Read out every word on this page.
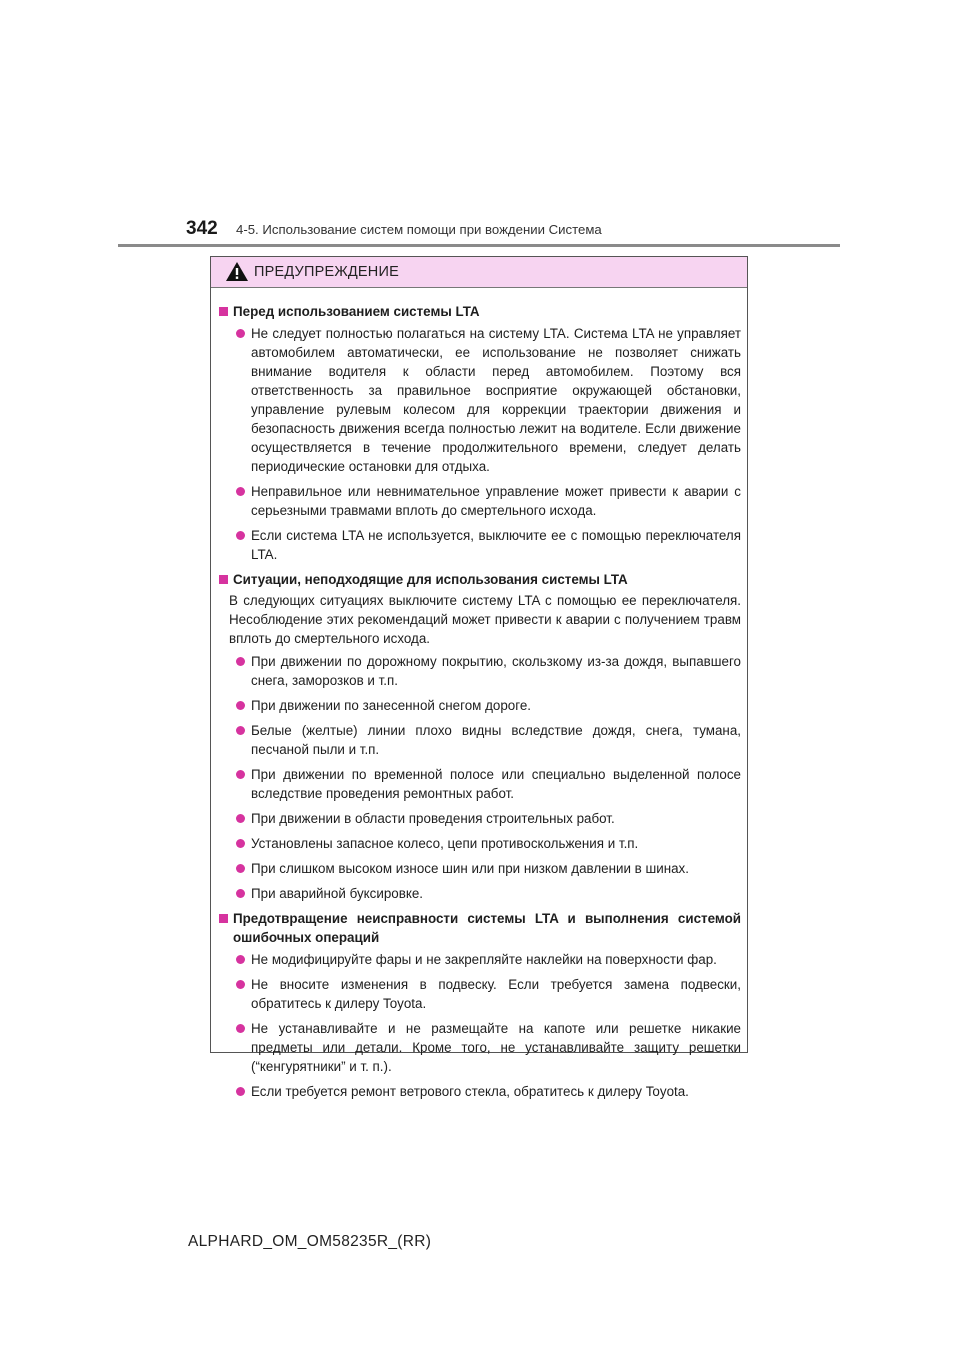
342 4-5. Использование систем помощи при вождении Система
ПРЕДУПРЕЖДЕНИЕ
Перед использованием системы LTA
Не следует полностью полагаться на систему LTA. Система LTA не управляет автомобилем автоматически, ее использование не позволяет снижать внимание водителя к области перед автомобилем. Поэтому вся ответственность за правильное восприятие окружающей обстановки, управление рулевым колесом для коррекции траектории движения и безопасность движения всегда полностью лежит на водителе. Если движение осуществляется в течение продолжительного времени, следует делать периодические остановки для отдыха.
Неправильное или невнимательное управление может привести к аварии с серьезными травмами вплоть до смертельного исхода.
Если система LTA не используется, выключите ее с помощью переключателя LTA.
Ситуации, неподходящие для использования системы LTA
В следующих ситуациях выключите систему LTA с помощью ее переключателя. Несоблюдение этих рекомендаций может привести к аварии с получением травм вплоть до смертельного исхода.
При движении по дорожному покрытию, скользкому из-за дождя, выпавшего снега, заморозков и т.п.
При движении по занесенной снегом дороге.
Белые (желтые) линии плохо видны вследствие дождя, снега, тумана, песчаной пыли и т.п.
При движении по временной полосе или специально выделенной полосе вследствие проведения ремонтных работ.
При движении в области проведения строительных работ.
Установлены запасное колесо, цепи противоскольжения и т.п.
При слишком высоком износе шин или при низком давлении в шинах.
При аварийной буксировке.
Предотвращение неисправности системы LTA и выполнения системой ошибочных операций
Не модифицируйте фары и не закрепляйте наклейки на поверхности фар.
Не вносите изменения в подвеску. Если требуется замена подвески, обратитесь к дилеру Toyota.
Не устанавливайте и не размещайте на капоте или решетке никакие предметы или детали. Кроме того, не устанавливайте защиту решетки (“кенгурятники” и т. п.).
Если требуется ремонт ветрового стекла, обратитесь к дилеру Toyota.
ALPHARD_OM_OM58235R_(RR)
